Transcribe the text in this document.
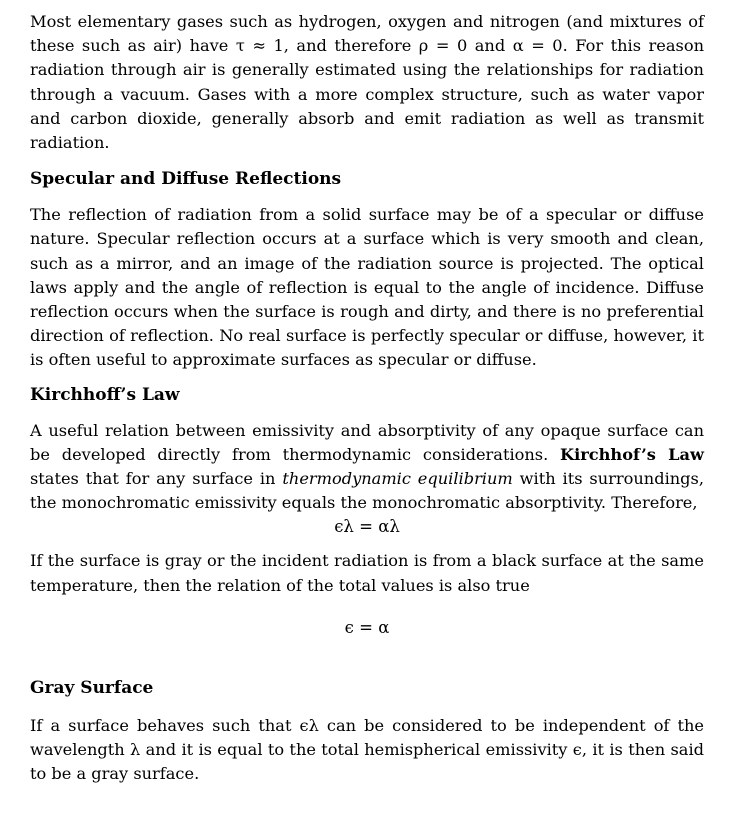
Most elementary gases such as hydrogen, oxygen and nitrogen (and mixtures of these such as air) have τ ≈ 1, and therefore ρ = 0 and α = 0. For this reason radiation through air is generally estimated using the relationships for radiation through a vacuum. Gases with a more complex structure, such as water vapor and carbon dioxide, generally absorb and emit radiation as well as transmit radiation.

Specular and Diffuse Reflections

The reflection of radiation from a solid surface may be of a specular or diffuse nature. Specular reflection occurs at a surface which is very smooth and clean, such as a mirror, and an image of the radiation source is projected. The optical laws apply and the angle of reflection is equal to the angle of incidence. Diffuse reflection occurs when the surface is rough and dirty, and there is no preferential direction of reflection. No real surface is perfectly specular or diffuse, however, it is often useful to approximate surfaces as specular or diffuse.

Kirchhoff’s Law

A useful relation between emissivity and absorptivity of any opaque surface can be developed directly from thermodynamic considerations. Kirchhof’s Law states that for any surface in thermodynamic equilibrium with its surroundings, the monochromatic emissivity equals the monochromatic absorptivity. Therefore,

ϵλ = αλ

If the surface is gray or the incident radiation is from a black surface at the same temperature, then the relation of the total values is also true

ϵ = α
Gray Surface

If a surface behaves such that ϵλ can be considered to be independent of the wavelength λ and it is equal to the total hemispherical emissivity ϵ, it is then said to be a gray surface.
